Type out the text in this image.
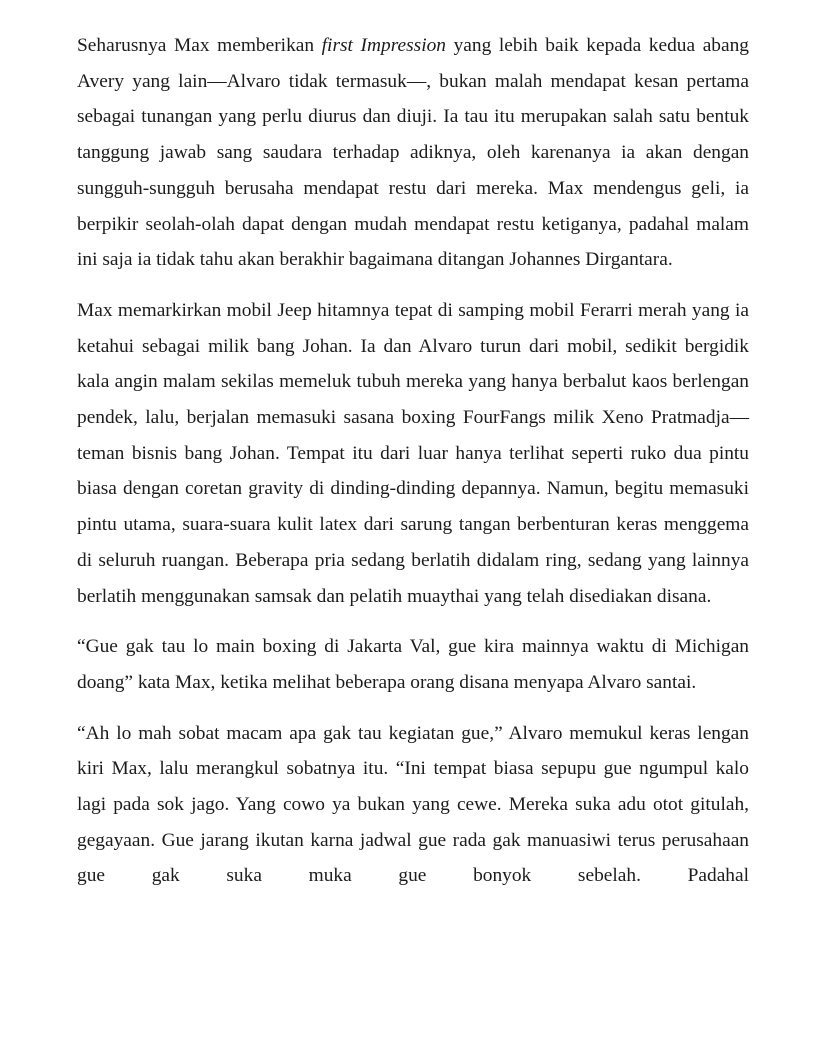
Seharusnya Max memberikan first Impression yang lebih baik kepada kedua abang Avery yang lain—Alvaro tidak termasuk—, bukan malah mendapat kesan pertama sebagai tunangan yang perlu diurus dan diuji. Ia tau itu merupakan salah satu bentuk tanggung jawab sang saudara terhadap adiknya, oleh karenanya ia akan dengan sungguh-sungguh berusaha mendapat restu dari mereka. Max mendengus geli, ia berpikir seolah-olah dapat dengan mudah mendapat restu ketiganya, padahal malam ini saja ia tidak tahu akan berakhir bagaimana ditangan Johannes Dirgantara.

Max memarkirkan mobil Jeep hitamnya tepat di samping mobil Ferarri merah yang ia ketahui sebagai milik bang Johan. Ia dan Alvaro turun dari mobil, sedikit bergidik kala angin malam sekilas memeluk tubuh mereka yang hanya berbalut kaos berlengan pendek, lalu, berjalan memasuki sasana boxing FourFangs milik Xeno Pratmadja—teman bisnis bang Johan. Tempat itu dari luar hanya terlihat seperti ruko dua pintu biasa dengan coretan gravity di dinding-dinding depannya. Namun, begitu memasuki pintu utama, suara-suara kulit latex dari sarung tangan berbenturan keras menggema di seluruh ruangan. Beberapa pria sedang berlatih didalam ring, sedang yang lainnya berlatih menggunakan samsak dan pelatih muaythai yang telah disediakan disana.

“Gue gak tau lo main boxing di Jakarta Val, gue kira mainnya waktu di Michigan doang” kata Max, ketika melihat beberapa orang disana menyapa Alvaro santai.

“Ah lo mah sobat macam apa gak tau kegiatan gue,” Alvaro memukul keras lengan kiri Max, lalu merangkul sobatnya itu. “Ini tempat biasa sepupu gue ngumpul kalo lagi pada sok jago. Yang cowo ya bukan yang cewe. Mereka suka adu otot gitulah, gegayaan. Gue jarang ikutan karna jadwal gue rada gak manuasiwi terus perusahaan gue gak suka muka gue bonyok sebelah. Padahal
